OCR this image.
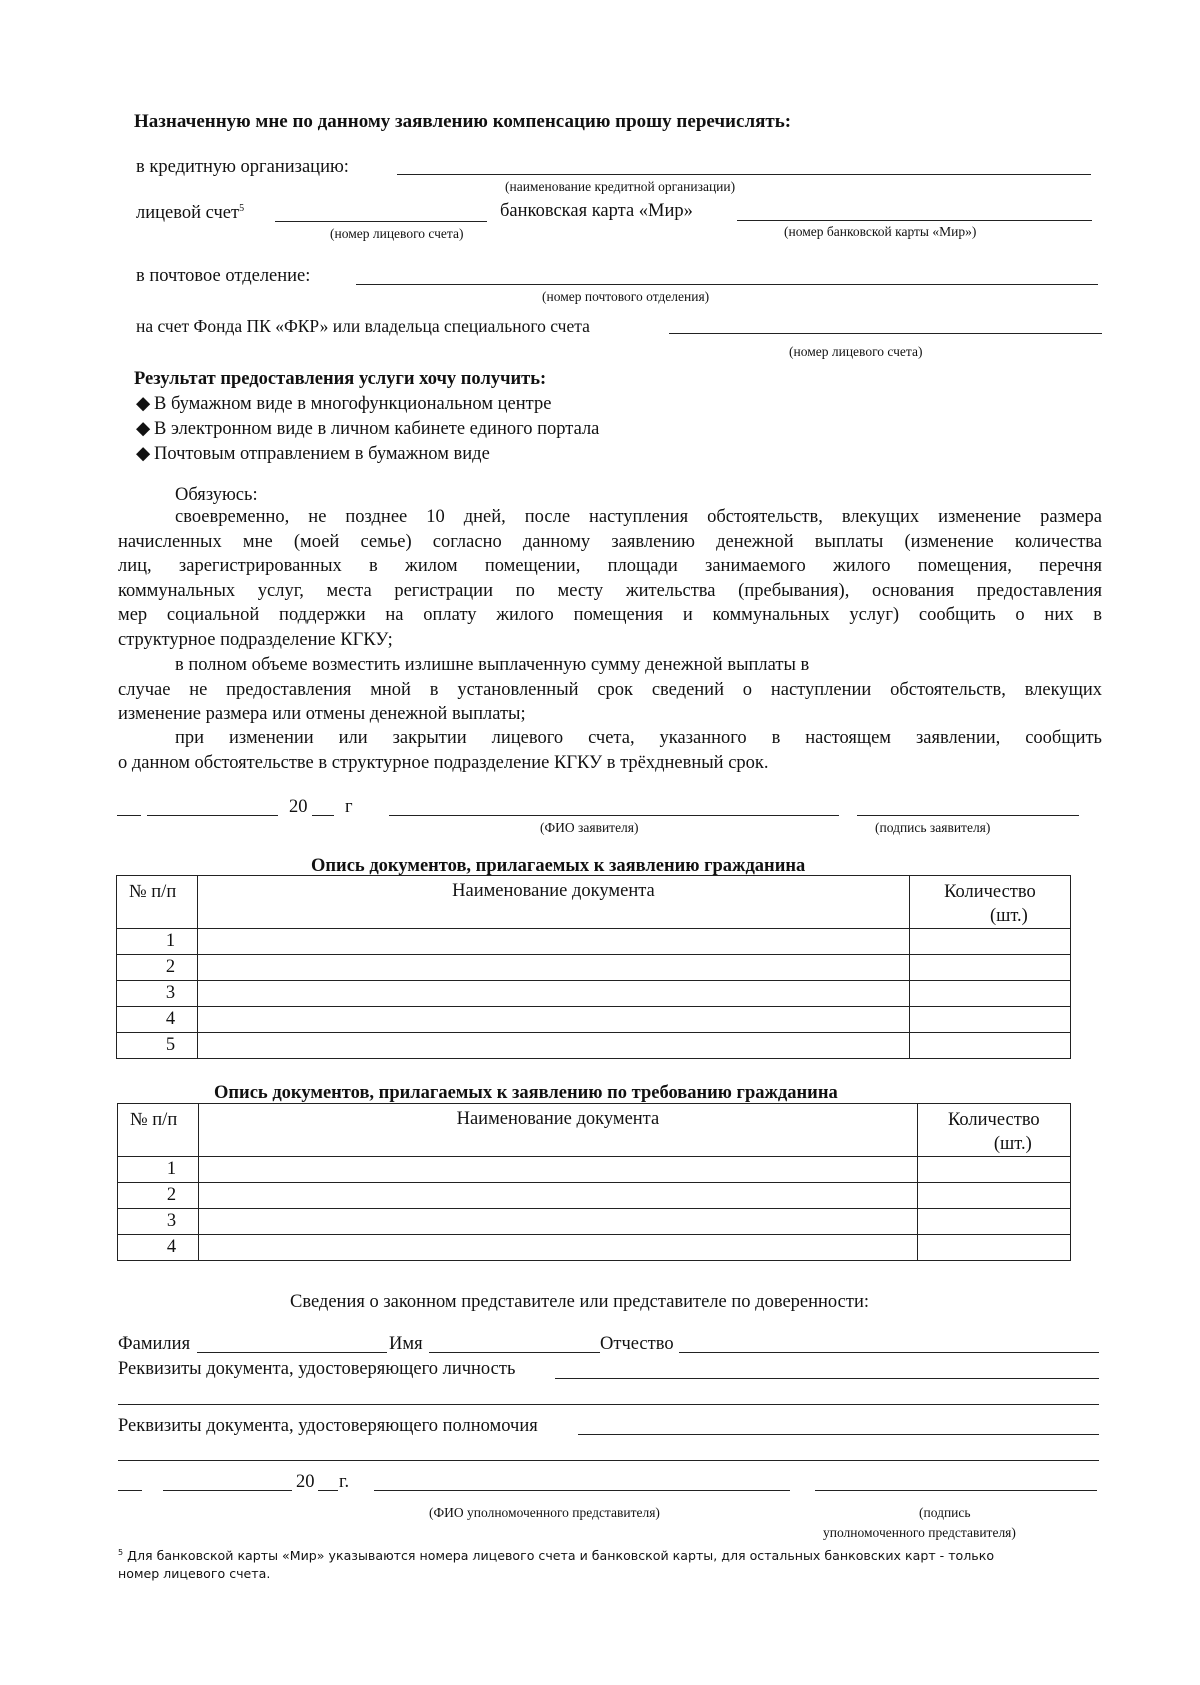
Назначенную мне по данному заявлению компенсацию прошу перечислять:
в кредитную организацию:
(наименование кредитной организации)
лицевой счет$^5$
(номер лицевого счета)
банковская карта «Мир»
(номер банковской карты «Мир»)
в почтовое отделение:
(номер почтового отделения)
на счет Фонда ПК «ФКР» или владельца специального счета
(номер лицевого счета)
Результат предоставления услуги хочу получить:
◆ В бумажном виде в многофункциональном центре
◆ В электронном виде в личном кабинете единого портала
◆ Почтовым отправлением в бумажном виде
Обязуюсь:
своевременно, не позднее 10 дней, после наступления обстоятельств, влекущих изменение размера
начисленных мне (моей семье) согласно данному заявлению денежной выплаты (изменение количества
лиц, зарегистрированных в жилом помещении, площади занимаемого жилого помещения, перечня
коммунальных услуг, места регистрации по месту жительства (пребывания), основания предоставления
мер социальной поддержки на оплату жилого помещения и коммунальных услуг) сообщить о них в
структурное подразделение КГКУ;
в полном объеме возместить излишне выплаченную сумму денежной выплаты в
случае не предоставления мной в установленный срок сведений о наступлении обстоятельств, влекущих
изменение размера или отмены денежной выплаты;
при изменении или закрытии лицевого счета, указанного в настоящем заявлении, сообщить
о данном обстоятельстве в структурное подразделение КГКУ в трёхдневный срок.
20 г
(ФИО заявителя)	(подпись заявителя)
Опись документов, прилагаемых к заявлению гражданина
№ п/п	Наименование документа	Количество
(шт.)

1		
2		
3		
4		
5		
Опись документов, прилагаемых к заявлению по требованию гражданина
№ п/п	Наименование документа	Количество
(шт.)

1		
2		
3		
4		
Сведения о законном представителе или представителе по доверенности:
Фамилия	Имя	Отчество
Реквизиты документа, удостоверяющего личность
Реквизиты документа, удостоверяющего полномочия
20 г.
(ФИО уполномоченного представителя)	(подпись
уполномоченного представителя)
$^5$ Для банковской карты «Мир» указываются номера лицевого счета и банковской карты, для остальных банковских карт - только
номер лицевого счета.
